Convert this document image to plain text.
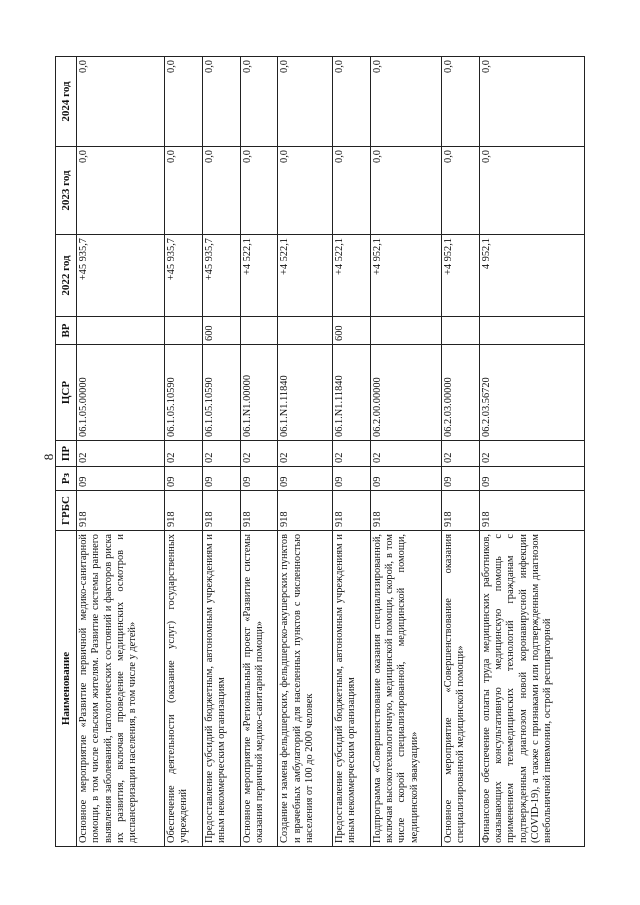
8
Наименование	ГРБС	Рз	ПР	ЦСР	ВР	2022 год	2023 год	2024 год
Основное мероприятие «Развитие первичной медико-санитарной помощи, в том числе сельским жителям. Развитие системы раннего выявления заболеваний, патологических состояний и факторов риска их развития, включая проведение медицинских осмотров и диспансеризации населения, в том числе у детей»	918	09	02	06.1.05.00000		+45 935,7	0,0	0,0
Обеспечение деятельности (оказание услуг) государственных учреждений	918	09	02	06.1.05.10590		+45 935,7	0,0	0,0
Предоставление субсидий бюджетным, автономным учреждениям и иным некоммерческим организациям	918	09	02	06.1.05.10590	600	+45 935,7	0,0	0,0
Основное мероприятие «Региональный проект «Развитие системы оказания первичной медико-санитарной помощи»	918	09	02	06.1.N1.00000		+4 522,1	0,0	0,0
Создание и замена фельдшерских, фельдшерско-акушерских пунктов и врачебных амбулаторий для населенных пунктов с численностью населения от 100 до 2000 человек	918	09	02	06.1.N1.11840		+4 522,1	0,0	0,0
Предоставление субсидий бюджетным, автономным учреждениям и иным некоммерческим организациям	918	09	02	06.1.N1.11840	600	+4 522,1	0,0	0,0
Подпрограмма «Совершенствование оказания специализированной, включая высокотехнологичную, медицинской помощи, скорой, в том числе скорой специализированной, медицинской помощи, медицинской эвакуации»	918	09	02	06.2.00.00000		+4 952,1	0,0	0,0
Основное мероприятие «Совершенствование оказания специализированной медицинской помощи»	918	09	02	06.2.03.00000		+4 952,1	0,0	0,0
Финансовое обеспечение оплаты труда медицинских работников, оказывающих консультативную медицинскую помощь с применением телемедицинских технологий гражданам с подтвержденным диагнозом новой коронавирусной инфекции (COVID-19), а также с признаками или подтвержденным диагнозом внебольничной пневмонии, острой респираторной	918	09	02	06.2.03.56720		4 952,1	0,0	0,0
